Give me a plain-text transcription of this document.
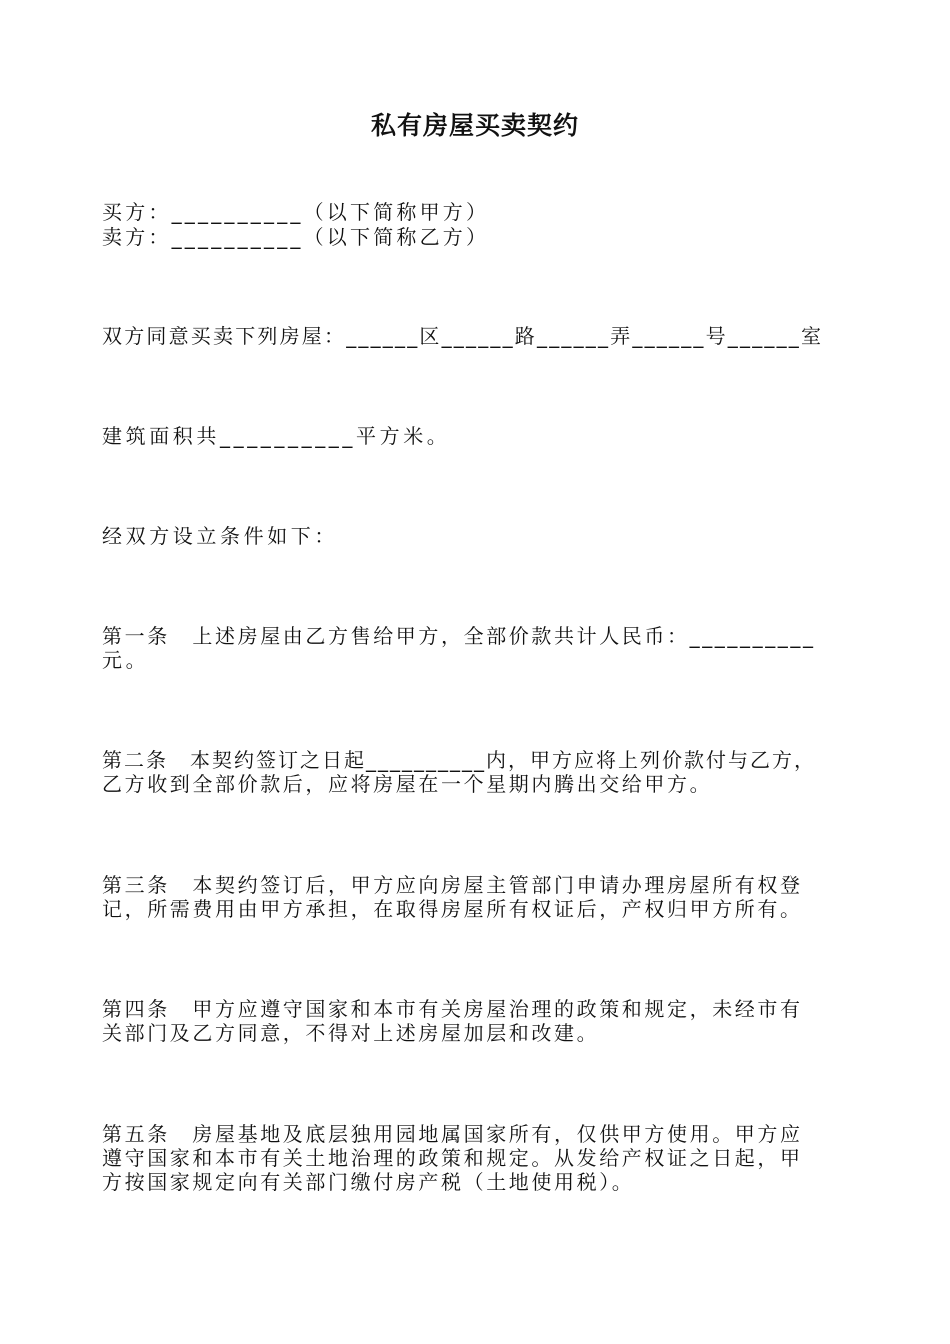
私有房屋买卖契约
买方：__________（以下简称甲方）
卖方：__________（以下简称乙方）
双方同意买卖下列房屋：______区______路______弄______号______室
建筑面积共__________平方米。
经双方设立条件如下：
第一条　上述房屋由乙方售给甲方，全部价款共计人民币：__________
元。
第二条　本契约签订之日起__________内，甲方应将上列价款付与乙方，
乙方收到全部价款后，应将房屋在一个星期内腾出交给甲方。
第三条　本契约签订后，甲方应向房屋主管部门申请办理房屋所有权登
记，所需费用由甲方承担，在取得房屋所有权证后，产权归甲方所有。
第四条　甲方应遵守国家和本市有关房屋治理的政策和规定，未经市有
关部门及乙方同意，不得对上述房屋加层和改建。
第五条　房屋基地及底层独用园地属国家所有，仅供甲方使用。甲方应
遵守国家和本市有关土地治理的政策和规定。从发给产权证之日起，甲
方按国家规定向有关部门缴付房产税（土地使用税）。
